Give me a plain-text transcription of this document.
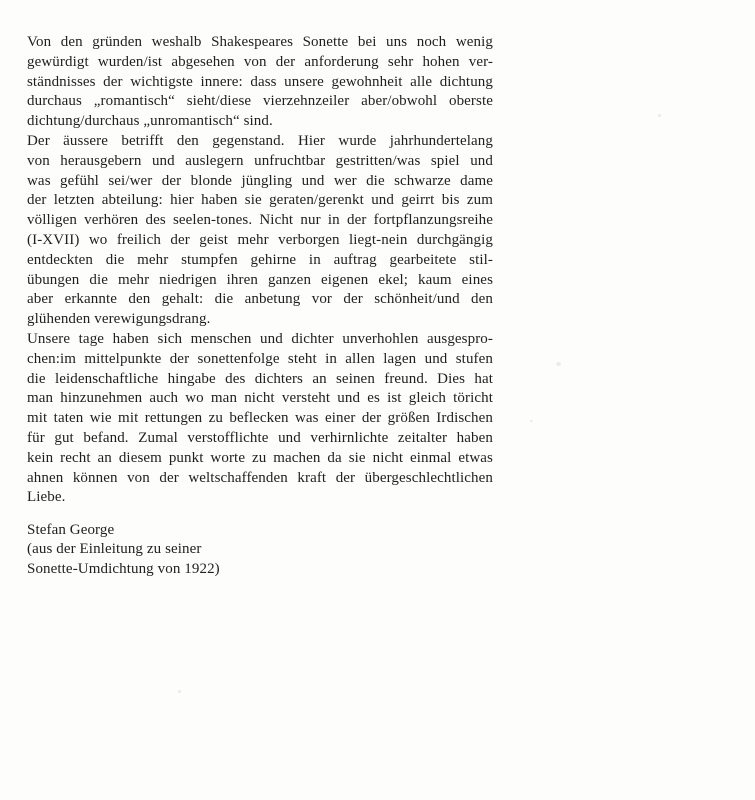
Von den gründen weshalb Shakespeares Sonette bei uns noch wenig
gewürdigt wurden/ist abgesehen von der anforderung sehr hohen ver-
ständnisses der wichtigste innere: dass unsere gewohnheit alle dichtung
durchaus „romantisch“ sieht/diese vierzehnzeiler aber/obwohl oberste
dichtung/durchaus „unromantisch“ sind.
Der äussere betrifft den gegenstand. Hier wurde jahrhundertelang
von herausgebern und auslegern unfruchtbar gestritten/was spiel und
was gefühl sei/wer der blonde jüngling und wer die schwarze dame
der letzten abteilung: hier haben sie geraten/gerenkt und geirrt bis zum
völligen verhören des seelen-tones. Nicht nur in der fortpflanzungsreihe
(I-XVII) wo freilich der geist mehr verborgen liegt-nein durchgängig
entdeckten die mehr stumpfen gehirne in auftrag gearbeitete stil-
übungen die mehr niedrigen ihren ganzen eigenen ekel; kaum eines
aber erkannte den gehalt: die anbetung vor der schönheit/und den
glühenden verewigungsdrang.
Unsere tage haben sich menschen und dichter unverhohlen ausgespro-
chen:im mittelpunkte der sonettenfolge steht in allen lagen und stufen
die leidenschaftliche hingabe des dichters an seinen freund. Dies hat
man hinzunehmen auch wo man nicht versteht und es ist gleich töricht
mit taten wie mit rettungen zu beflecken was einer der größen Irdischen
für gut befand. Zumal verstofflichte und verhirnlichte zeitalter haben
kein recht an diesem punkt worte zu machen da sie nicht einmal etwas
ahnen können von der weltschaffenden kraft der übergeschlechtlichen
Liebe.
Stefan George
(aus der Einleitung zu seiner
Sonette-Umdichtung von 1922)
